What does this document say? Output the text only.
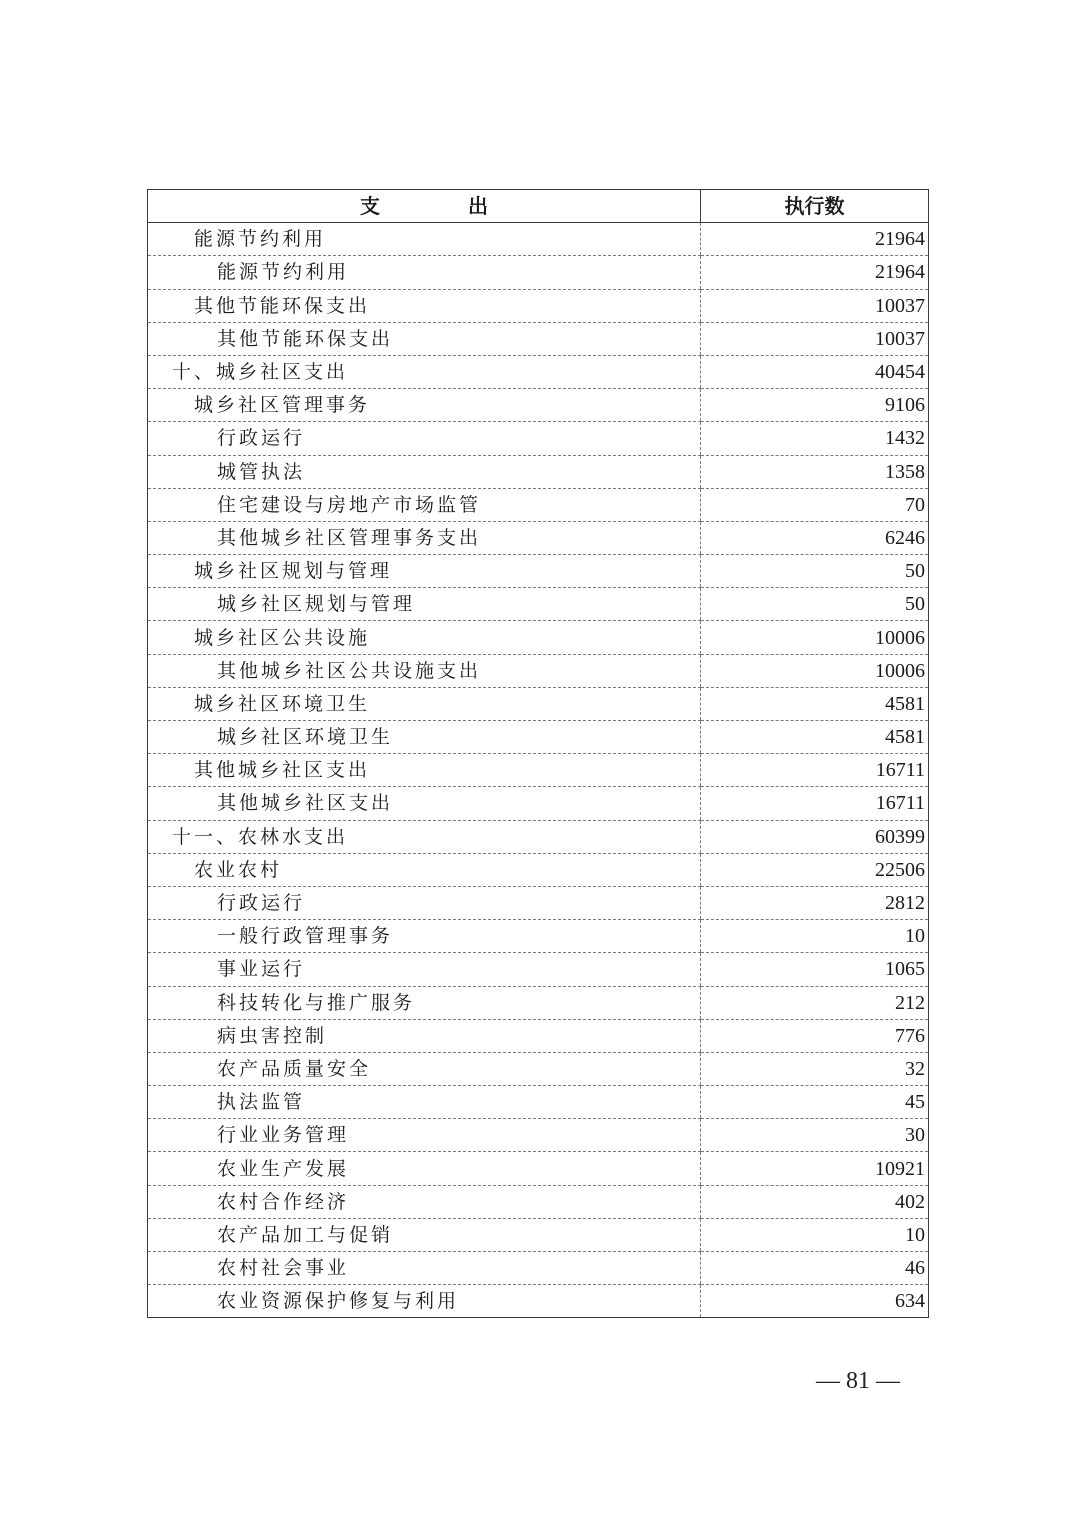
支出	执行数
能源节约利用	21964
能源节约利用	21964
其他节能环保支出	10037
其他节能环保支出	10037
十、城乡社区支出	40454
城乡社区管理事务	9106
行政运行	1432
城管执法	1358
住宅建设与房地产市场监管	70
其他城乡社区管理事务支出	6246
城乡社区规划与管理	50
城乡社区规划与管理	50
城乡社区公共设施	10006
其他城乡社区公共设施支出	10006
城乡社区环境卫生	4581
城乡社区环境卫生	4581
其他城乡社区支出	16711
其他城乡社区支出	16711
十一、农林水支出	60399
农业农村	22506
行政运行	2812
一般行政管理事务	10
事业运行	1065
科技转化与推广服务	212
病虫害控制	776
农产品质量安全	32
执法监管	45
行业业务管理	30
农业生产发展	10921
农村合作经济	402
农产品加工与促销	10
农村社会事业	46
农业资源保护修复与利用	634
— 81 —
